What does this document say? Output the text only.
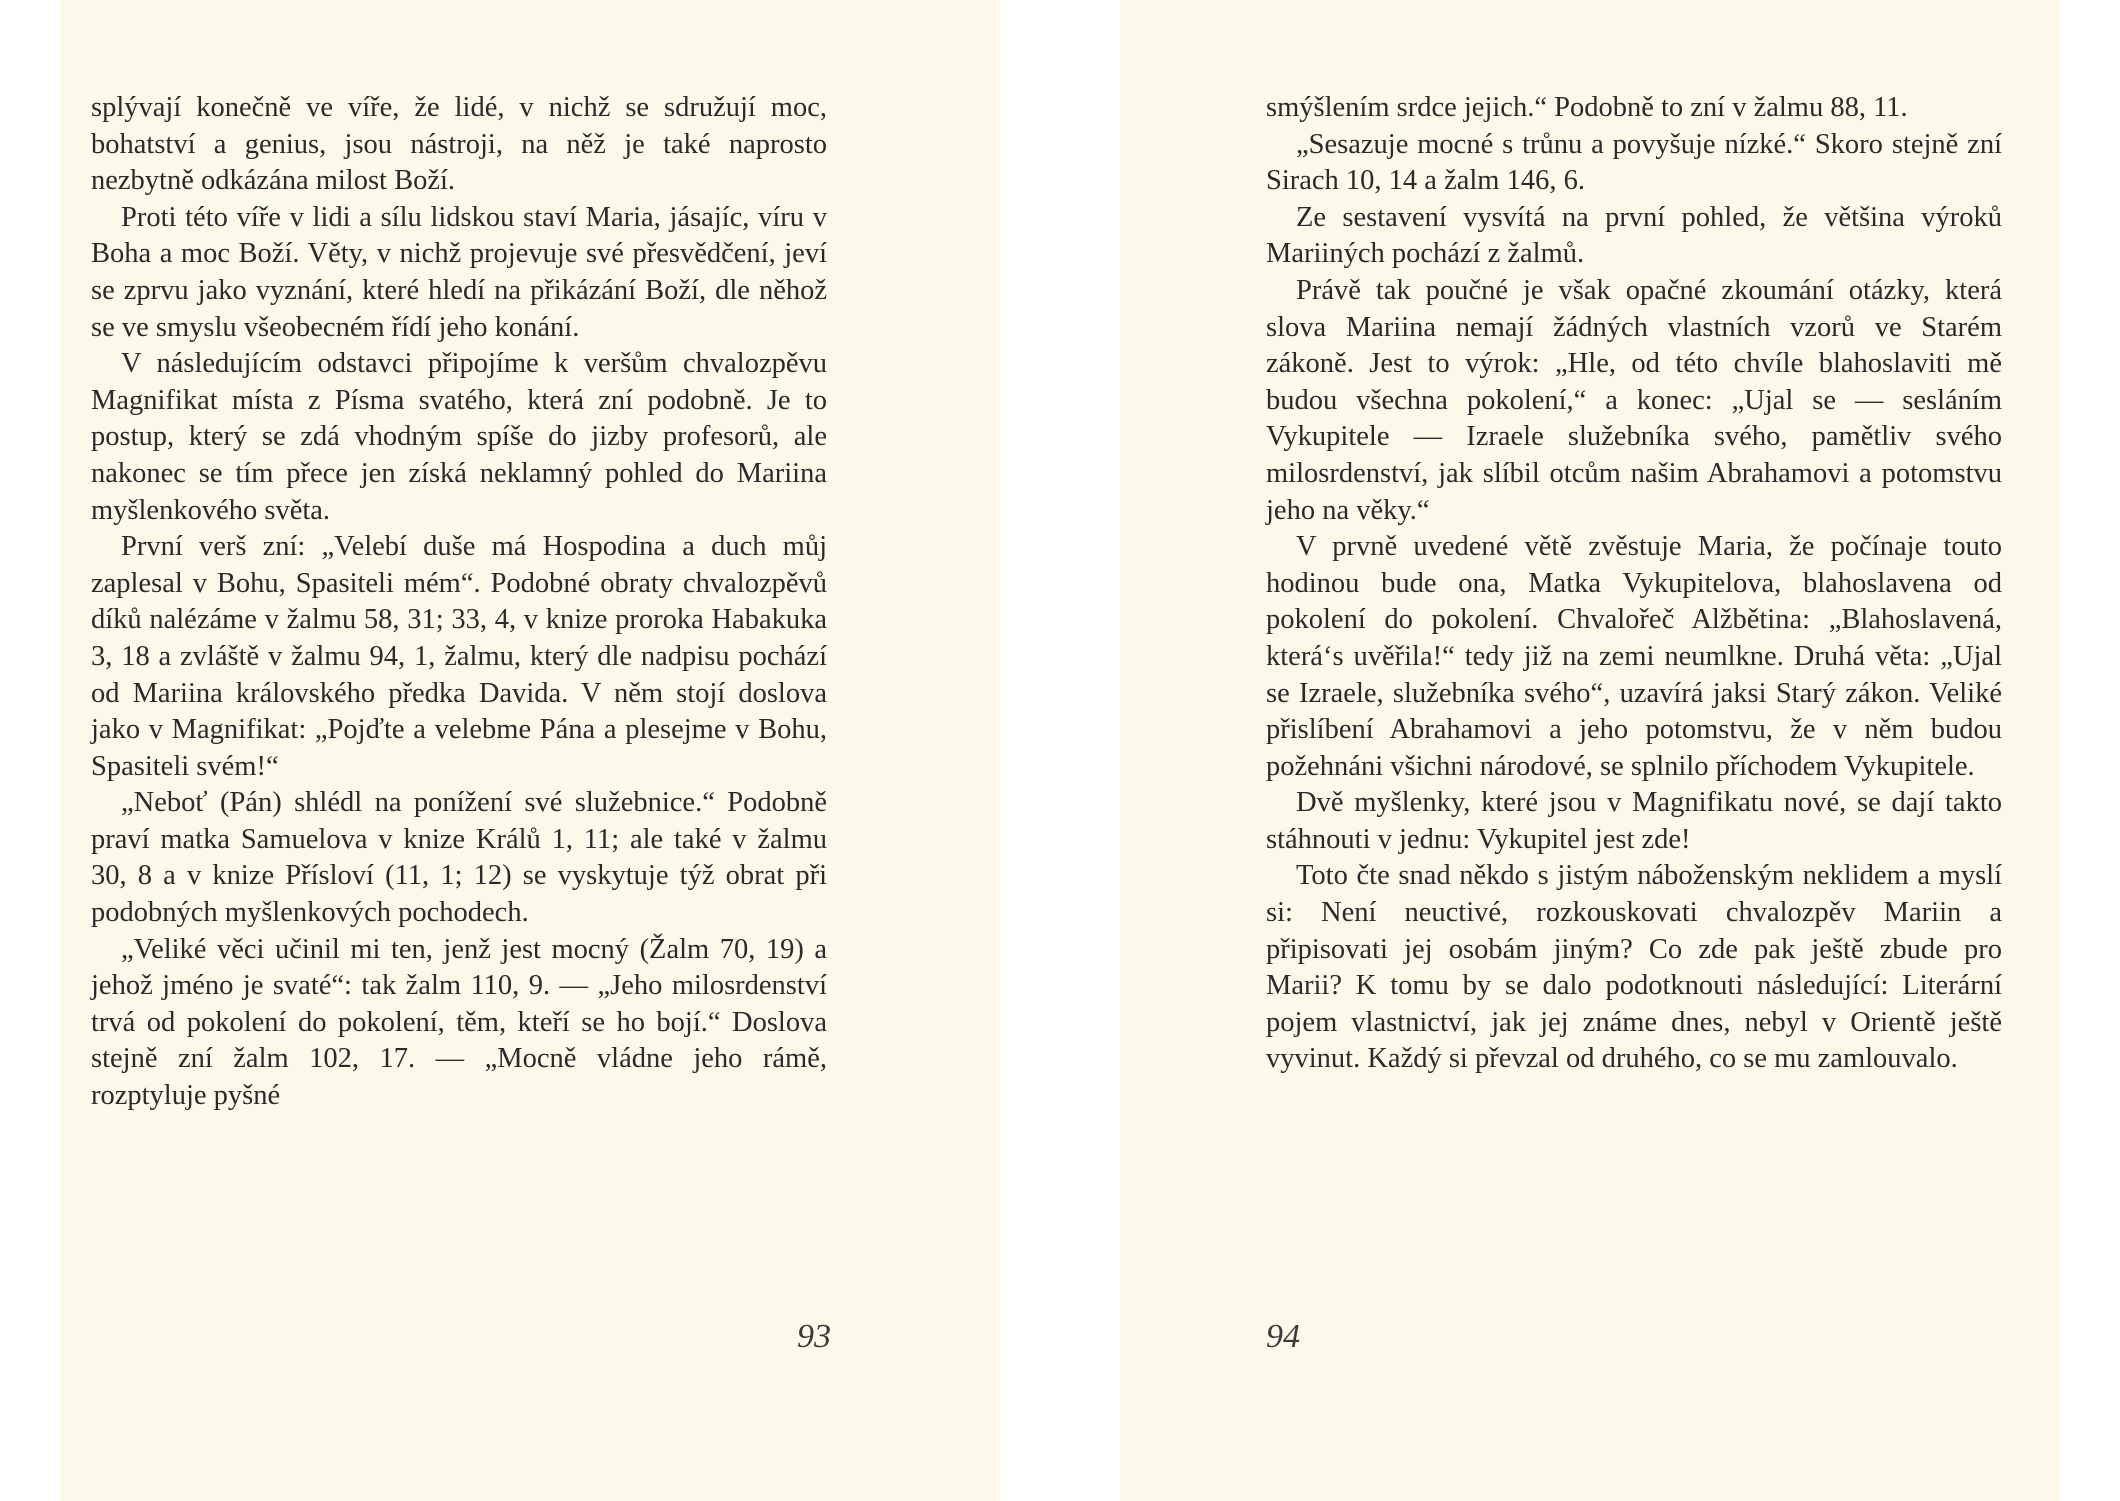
splývají konečně ve víře, že lidé, v nichž se sdružují moc, bohatství a genius, jsou nástroji, na něž je také naprosto nezbytně odkázána milost Boží.

Proti této víře v lidi a sílu lidskou staví Maria, jásajíc, víru v Boha a moc Boží. Věty, v nichž projevuje své přesvědčení, jeví se zprvu jako vyznání, které hledí na přikázání Boží, dle něhož se ve smyslu všeobecném řídí jeho konání.

V následujícím odstavci připojíme k veršům chvalozpěvu Magnifikat místa z Písma svatého, která zní podobně. Je to postup, který se zdá vhodným spíše do jizby profesorů, ale nakonec se tím přece jen získá neklamný pohled do Mariina myšlenkového světa.

První verš zní: „Velebí duše má Hospodina a duch můj zaplesal v Bohu, Spasiteli mém“. Podobné obraty chvalozpěvů díků nalézáme v žalmu 58, 31; 33, 4, v knize proroka Habakuka 3, 18 a zvláště v žalmu 94, 1, žalmu, který dle nadpisu pochází od Mariina královského předka Davida. V něm stojí doslova jako v Magnifikat: „Pojďte a velebme Pána a plesejme v Bohu, Spasiteli svém!“

„Neboť (Pán) shlédl na ponížení své služebnice.“ Podobně praví matka Samuelova v knize Králů 1, 11; ale také v žalmu 30, 8 a v knize Přísloví (11, 1; 12) se vyskytuje týž obrat při podobných myšlenkových pochodech.

„Veliké věci učinil mi ten, jenž jest mocný (Žalm 70, 19) a jehož jméno je svaté“: tak žalm 110, 9. — „Jeho milosrdenství trvá od pokolení do pokolení, těm, kteří se ho bojí.“ Doslova stejně zní žalm 102, 17. — „Mocně vládne jeho rámě, rozptyluje pyšné

93

smýšlením srdce jejich.“ Podobně to zní v žalmu 88, 11.

„Sesazuje mocné s trůnu a povyšuje nízké.“ Skoro stejně zní Sirach 10, 14 a žalm 146, 6.

Ze sestavení vysvítá na první pohled, že většina výroků Mariiných pochází z žalmů.

Právě tak poučné je však opačné zkoumání otázky, která slova Mariina nemají žádných vlastních vzorů ve Starém zákoně. Jest to výrok: „Hle, od této chvíle blahoslaviti mě budou všechna pokolení,“ a konec: „Ujal se — sesláním Vykupitele — Izraele služebníka svého, pamětliv svého milosrdenství, jak slíbil otcům našim Abrahamovi a potomstvu jeho na věky.“

V prvně uvedené větě zvěstuje Maria, že počínaje touto hodinou bude ona, Matka Vykupitelova, blahoslavena od pokolení do pokolení. Chvalořeč Alžbětina: „Blahoslavená, která‘s uvěřila!“ tedy již na zemi neumlkne. Druhá věta: „Ujal se Izraele, služebníka svého“, uzavírá jaksi Starý zákon. Veliké přislíbení Abrahamovi a jeho potomstvu, že v něm budou požehnáni všichni národové, se splnilo příchodem Vykupitele.

Dvě myšlenky, které jsou v Magnifikatu nové, se dají takto stáhnouti v jednu: Vykupitel jest zde!

Toto čte snad někdo s jistým náboženským neklidem a myslí si: Není neuctivé, rozkouskovati chvalozpěv Mariin a připisovati jej osobám jiným? Co zde pak ještě zbude pro Marii? K tomu by se dalo podotknouti následující: Literární pojem vlastnictví, jak jej známe dnes, nebyl v Orientě ještě vyvinut. Každý si převzal od druhého, co se mu zamlouvalo.

94
